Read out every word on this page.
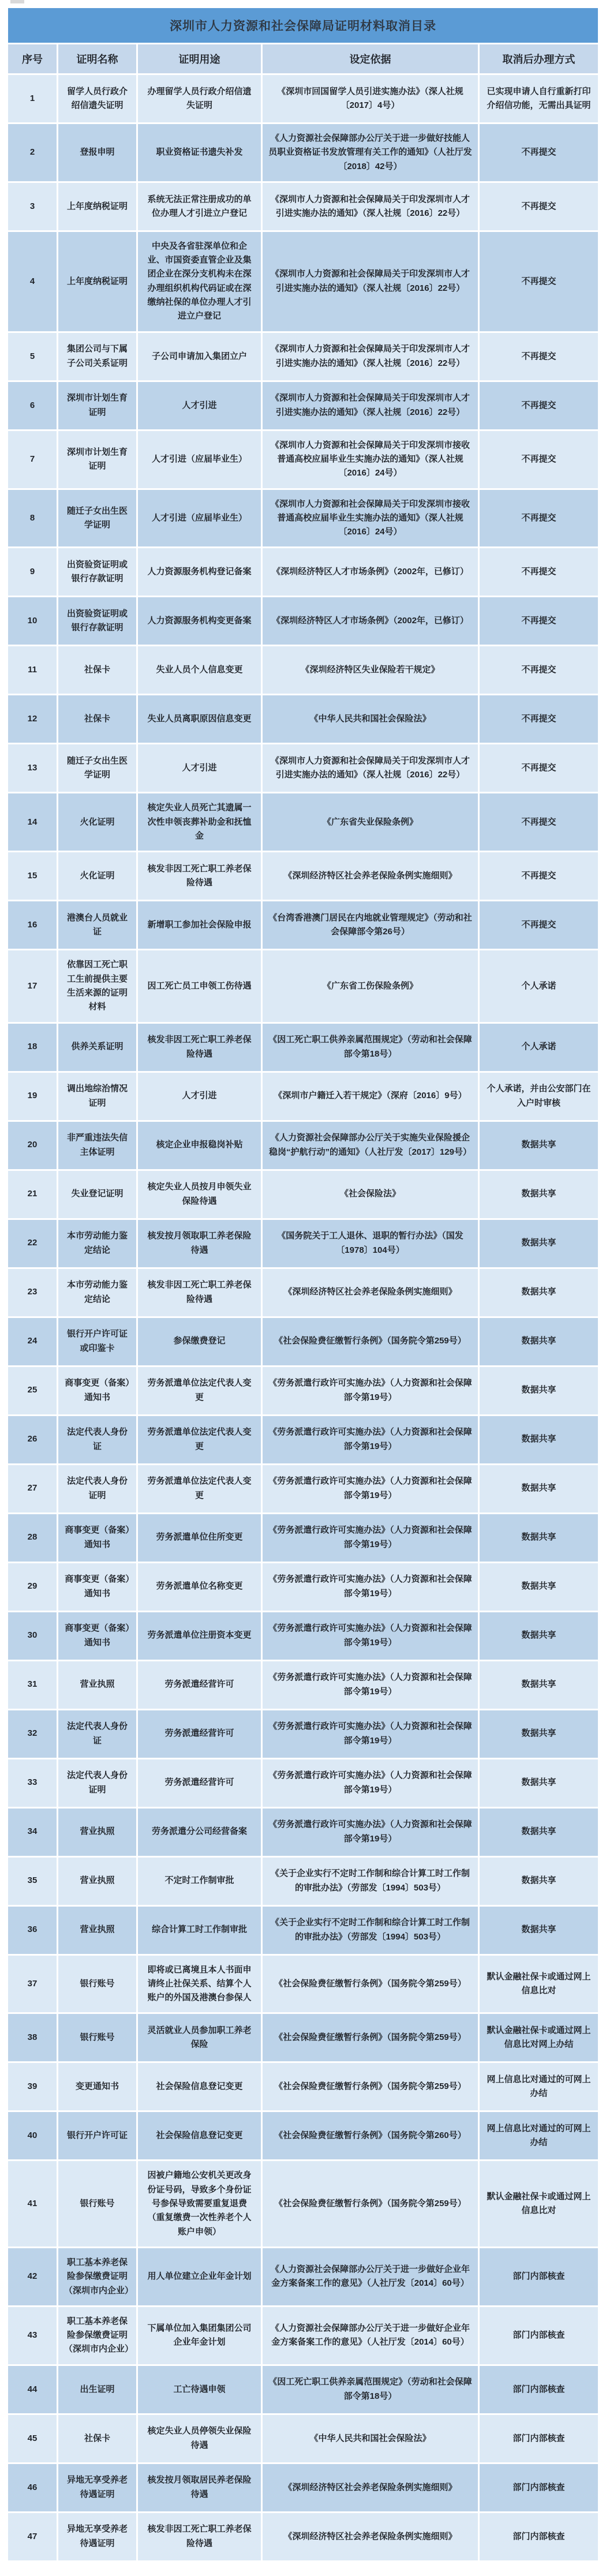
深圳市人力资源和社会保障局证明材料取消目录
序号	证明名称	证明用途	设定依据	取消后办理方式
1	留学人员行政介绍信遗失证明	办理留学人员行政介绍信遗失证明	《深圳市回国留学人员引进实施办法》（深人社规〔2017〕4号）	已实现申请人自行重新打印介绍信功能，无需出具证明
2	登报申明	职业资格证书遗失补发	《人力资源社会保障部办公厅关于进一步做好技能人员职业资格证书发放管理有关工作的通知》（人社厅发〔2018〕42号）	不再提交
3	上年度纳税证明	系统无法正常注册成功的单位办理人才引进立户登记	《深圳市人力资源和社会保障局关于印发深圳市人才引进实施办法的通知》（深人社规〔2016〕22号）	不再提交
4	上年度纳税证明	中央及各省驻深单位和企业、市国资委直管企业及集团企业在深分支机构未在深办理组织机构代码证或在深缴纳社保的单位办理人才引进立户登记	《深圳市人力资源和社会保障局关于印发深圳市人才引进实施办法的通知》（深人社规〔2016〕22号）	不再提交
5	集团公司与下属子公司关系证明	子公司申请加入集团立户	《深圳市人力资源和社会保障局关于印发深圳市人才引进实施办法的通知》（深人社规〔2016〕22号）	不再提交
6	深圳市计划生育证明	人才引进	《深圳市人力资源和社会保障局关于印发深圳市人才引进实施办法的通知》（深人社规〔2016〕22号）	不再提交
7	深圳市计划生育证明	人才引进（应届毕业生）	《深圳市人力资源和社会保障局关于印发深圳市接收普通高校应届毕业生实施办法的通知》（深人社规〔2016〕24号）	不再提交
8	随迁子女出生医学证明	人才引进（应届毕业生）	《深圳市人力资源和社会保障局关于印发深圳市接收普通高校应届毕业生实施办法的通知》（深人社规〔2016〕24号）	不再提交
9	出资验资证明或银行存款证明	人力资源服务机构登记备案	《深圳经济特区人才市场条例》（2002年，已修订）	不再提交
10	出资验资证明或银行存款证明	人力资源服务机构变更备案	《深圳经济特区人才市场条例》（2002年，已修订）	不再提交
11	社保卡	失业人员个人信息变更	《深圳经济特区失业保险若干规定》	不再提交
12	社保卡	失业人员离职原因信息变更	《中华人民共和国社会保险法》	不再提交
13	随迁子女出生医学证明	人才引进	《深圳市人力资源和社会保障局关于印发深圳市人才引进实施办法的通知》（深人社规〔2016〕22号）	不再提交
14	火化证明	核定失业人员死亡其遗属一次性申领丧葬补助金和抚恤金	《广东省失业保险条例》	不再提交
15	火化证明	核发非因工死亡职工养老保险待遇	《深圳经济特区社会养老保险条例实施细则》	不再提交
16	港澳台人员就业证	新增职工参加社会保险申报	《台湾香港澳门居民在内地就业管理规定》（劳动和社会保障部令第26号）	不再提交
17	依靠因工死亡职工生前提供主要生活来源的证明材料	因工死亡员工申领工伤待遇	《广东省工伤保险条例》	个人承诺
18	供养关系证明	核发非因工死亡职工养老保险待遇	《因工死亡职工供养亲属范围规定》（劳动和社会保障部令第18号）	个人承诺
19	调出地综治情况证明	人才引进	《深圳市户籍迁入若干规定》（深府〔2016〕9号）	个人承诺，并由公安部门在入户时审核
20	非严重违法失信主体证明	核定企业申报稳岗补贴	《人力资源社会保障部办公厅关于实施失业保险援企稳岗“护航行动”的通知》（人社厅发〔2017〕129号）	数据共享
21	失业登记证明	核定失业人员按月申领失业保险待遇	《社会保险法》	数据共享
22	本市劳动能力鉴定结论	核发按月领取职工养老保险待遇	《国务院关于工人退休、退职的暂行办法》（国发〔1978〕104号）	数据共享
23	本市劳动能力鉴定结论	核发非因工死亡职工养老保险待遇	《深圳经济特区社会养老保险条例实施细则》	数据共享
24	银行开户许可证或印鉴卡	参保缴费登记	《社会保险费征缴暂行条例》（国务院令第259号）	数据共享
25	商事变更（备案）通知书	劳务派遣单位法定代表人变更	《劳务派遣行政许可实施办法》（人力资源和社会保障部令第19号）	数据共享
26	法定代表人身份证	劳务派遣单位法定代表人变更	《劳务派遣行政许可实施办法》（人力资源和社会保障部令第19号）	数据共享
27	法定代表人身份证明	劳务派遣单位法定代表人变更	《劳务派遣行政许可实施办法》（人力资源和社会保障部令第19号）	数据共享
28	商事变更（备案）通知书	劳务派遣单位住所变更	《劳务派遣行政许可实施办法》（人力资源和社会保障部令第19号）	数据共享
29	商事变更（备案）通知书	劳务派遣单位名称变更	《劳务派遣行政许可实施办法》（人力资源和社会保障部令第19号）	数据共享
30	商事变更（备案）通知书	劳务派遣单位注册资本变更	《劳务派遣行政许可实施办法》（人力资源和社会保障部令第19号）	数据共享
31	营业执照	劳务派遣经营许可	《劳务派遣行政许可实施办法》（人力资源和社会保障部令第19号）	数据共享
32	法定代表人身份证	劳务派遣经营许可	《劳务派遣行政许可实施办法》（人力资源和社会保障部令第19号）	数据共享
33	法定代表人身份证明	劳务派遣经营许可	《劳务派遣行政许可实施办法》（人力资源和社会保障部令第19号）	数据共享
34	营业执照	劳务派遣分公司经营备案	《劳务派遣行政许可实施办法》（人力资源和社会保障部令第19号）	数据共享
35	营业执照	不定时工作制审批	《关于企业实行不定时工作制和综合计算工时工作制的审批办法》（劳部发〔1994〕503号）	数据共享
36	营业执照	综合计算工时工作制审批	《关于企业实行不定时工作制和综合计算工时工作制的审批办法》（劳部发〔1994〕503号）	数据共享
37	银行账号	即将或已离境且本人书面申请终止社保关系、结算个人账户的外国及港澳台参保人	《社会保险费征缴暂行条例》（国务院令第259号）	默认金融社保卡或通过网上信息比对
38	银行账号	灵活就业人员参加职工养老保险	《社会保险费征缴暂行条例》（国务院令第259号）	默认金融社保卡或通过网上信息比对网上办结
39	变更通知书	社会保险信息登记变更	《社会保险费征缴暂行条例》（国务院令第259号）	网上信息比对通过的可网上办结
40	银行开户许可证	社会保险信息登记变更	《社会保险费征缴暂行条例》（国务院令第260号）	网上信息比对通过的可网上办结
41	银行账号	因被户籍地公安机关更改身份证号码，导致多个身份证号参保导致需要重复退费（重复缴费一次性养老个人账户申领）	《社会保险费征缴暂行条例》（国务院令第259号）	默认金融社保卡或通过网上信息比对
42	职工基本养老保险参保缴费证明（深圳市内企业）	用人单位建立企业年金计划	《人力资源社会保障部办公厅关于进一步做好企业年金方案备案工作的意见》（人社厅发〔2014〕60号）	部门内部核查
43	职工基本养老保险参保缴费证明（深圳市内企业）	下属单位加入集团集团公司企业年金计划	《人力资源社会保障部办公厅关于进一步做好企业年金方案备案工作的意见》（人社厅发〔2014〕60号）	部门内部核查
44	出生证明	工亡待遇申领	《因工死亡职工供养亲属范围规定》（劳动和社会保障部令第18号）	部门内部核查
45	社保卡	核定失业人员停领失业保险待遇	《中华人民共和国社会保险法》	部门内部核查
46	异地无享受养老待遇证明	核发按月领取居民养老保险待遇	《深圳经济特区社会养老保险条例实施细则》	部门内部核查
47	异地无享受养老待遇证明	核发非因工死亡职工养老保险待遇	《深圳经济特区社会养老保险条例实施细则》	部门内部核查
